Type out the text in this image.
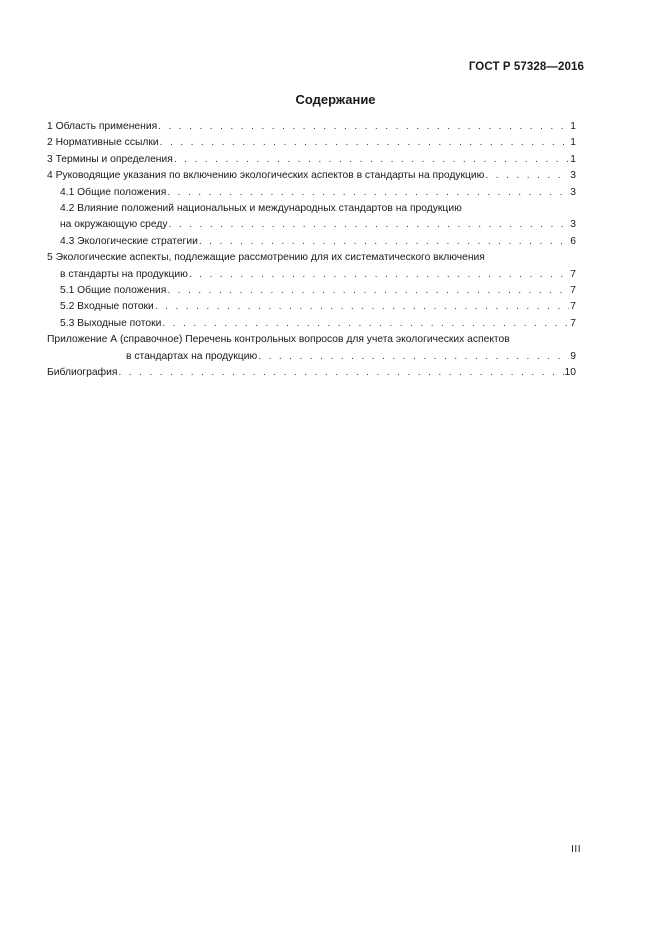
ГОСТ Р 57328—2016
Содержание
1 Область применения . . .	1
2 Нормативные ссылки . . .	1
3 Термины и определения . . .	1
4 Руководящие указания по включению экологических аспектов в стандарты на продукцию . . .	3
4.1 Общие положения . . .	3
4.2 Влияние положений национальных и международных стандартов на продукцию
на окружающую среду . . .	3
4.3 Экологические стратегии . . .	6
5 Экологические аспекты, подлежащие рассмотрению для их систематического включения
в стандарты на продукцию . . .	7
5.1 Общие положения . . .	7
5.2 Входные потоки . . .	7
5.3 Выходные потоки . . .	7
Приложение А (справочное) Перечень контрольных вопросов для учета экологических аспектов
в стандартах на продукцию . . .	9
Библиография . . .	10
III
